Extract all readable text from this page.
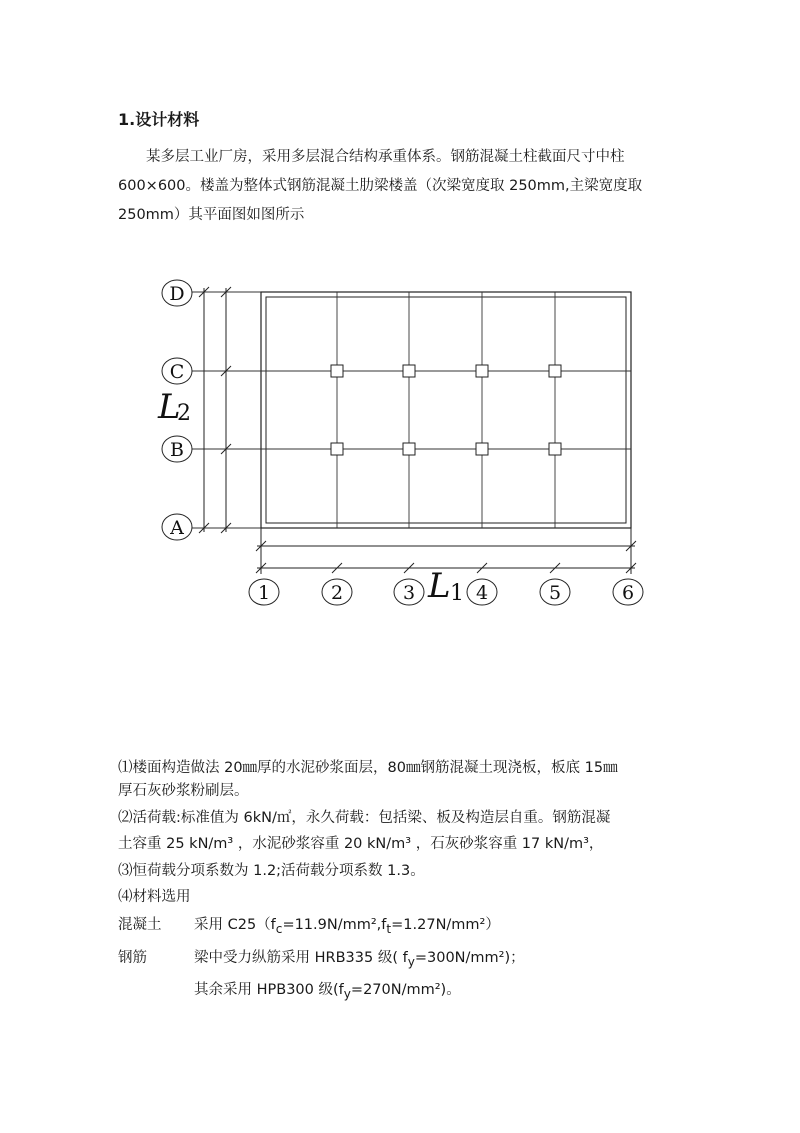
1.设计材料

某多层工业厂房，采用多层混合结构承重体系。钢筋混凝土柱截面尺寸中柱600×600。楼盖为整体式钢筋混凝土肋梁楼盖（次梁宽度取 250mm,主梁宽度取 250mm）其平面图如图所示

D
C
B
A
1	2	3	4	5	6
L
2
L 1

⑴楼面构造做法 20㎜厚的水泥砂浆面层，80㎜钢筋混凝土现浇板，板底 15㎜

厚石灰砂浆粉刷层。

⑵活荷载:标准值为 6kN/㎡，永久荷载：包括梁、板及构造层自重。钢筋混凝

土容重 25 kN/m³ ，水泥砂浆容重 20 kN/m³ ，石灰砂浆容重 17 kN/m³，

⑶恒荷载分项系数为 1.2;活荷载分项系数 1.3。

⑷材料选用

混凝土 采用 $C25(f_c=11.9N/mm^2,f_t=1.27N/mm^2)$

钢筋	梁中受力纵筋采用 HRB335 级( $f_y=300N/mm^2$)；

其余采用 HPB300 级$(f_y=270N/mm^2)$。
